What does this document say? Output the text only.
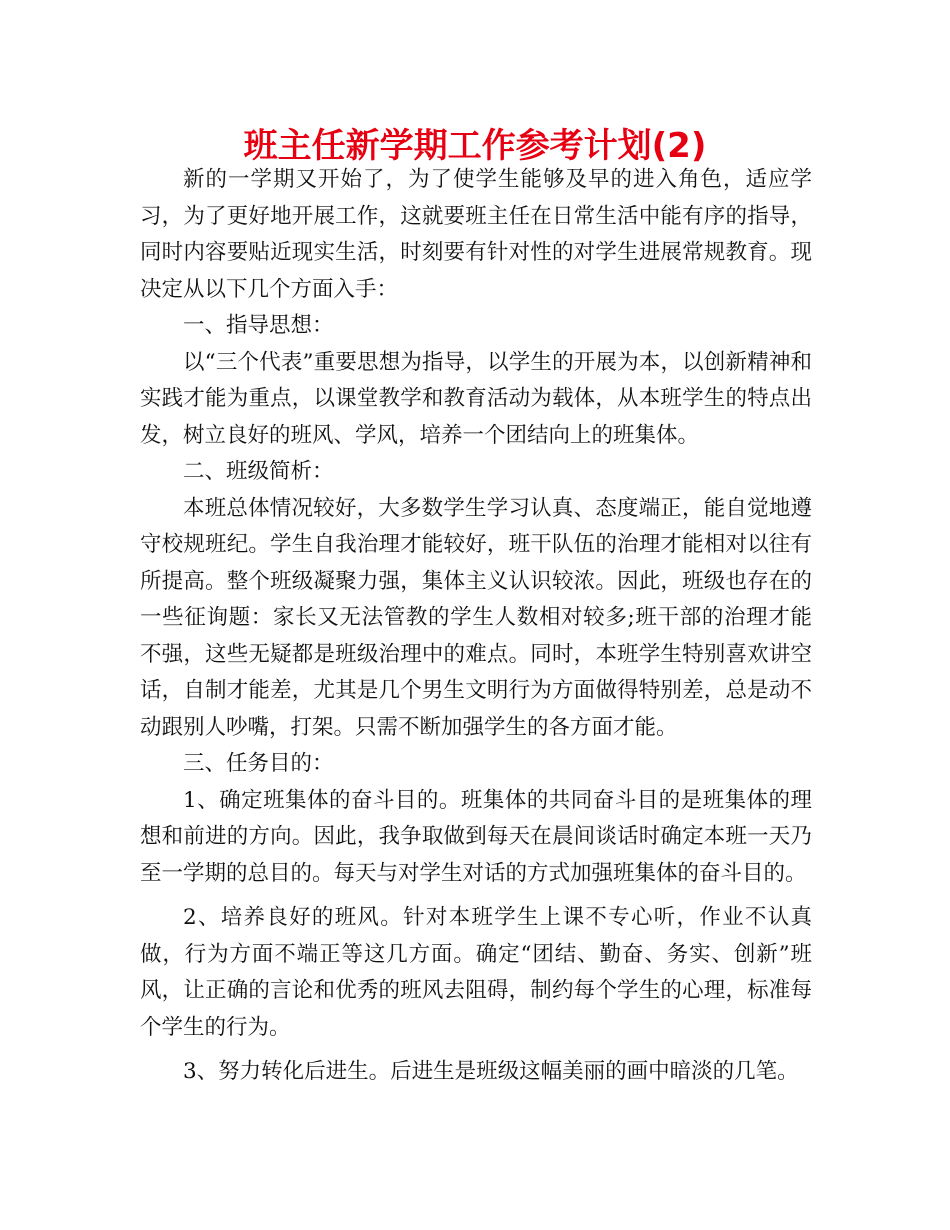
班主任新学期工作参考计划(2)

新的一学期又开始了，为了使学生能够及早的进入角色，适应学习，为了更好地开展工作，这就要班主任在日常生活中能有序的指导，同时内容要贴近现实生活，时刻要有针对性的对学生进展常规教育。现决定从以下几个方面入手：

一、指导思想：

以“三个代表”重要思想为指导，以学生的开展为本，以创新精神和实践才能为重点，以课堂教学和教育活动为载体，从本班学生的特点出发，树立良好的班风、学风，培养一个团结向上的班集体。

二、班级简析：

本班总体情况较好，大多数学生学习认真、态度端正，能自觉地遵守校规班纪。学生自我治理才能较好，班干队伍的治理才能相对以往有所提高。整个班级凝聚力强，集体主义认识较浓。因此，班级也存在的一些征询题：家长又无法管教的学生人数相对较多;班干部的治理才能不强，这些无疑都是班级治理中的难点。同时，本班学生特别喜欢讲空话，自制才能差，尤其是几个男生文明行为方面做得特别差，总是动不动跟别人吵嘴，打架。只需不断加强学生的各方面才能。

三、任务目的：

1、确定班集体的奋斗目的。班集体的共同奋斗目的是班集体的理想和前进的方向。因此，我争取做到每天在晨间谈话时确定本班一天乃至一学期的总目的。每天与对学生对话的方式加强班集体的奋斗目的。

2、培养良好的班风。针对本班学生上课不专心听，作业不认真做，行为方面不端正等这几方面。确定“团结、勤奋、务实、创新”班风，让正确的言论和优秀的班风去阻碍，制约每个学生的心理，标准每个学生的行为。

3、努力转化后进生。后进生是班级这幅美丽的画中暗淡的几笔。
